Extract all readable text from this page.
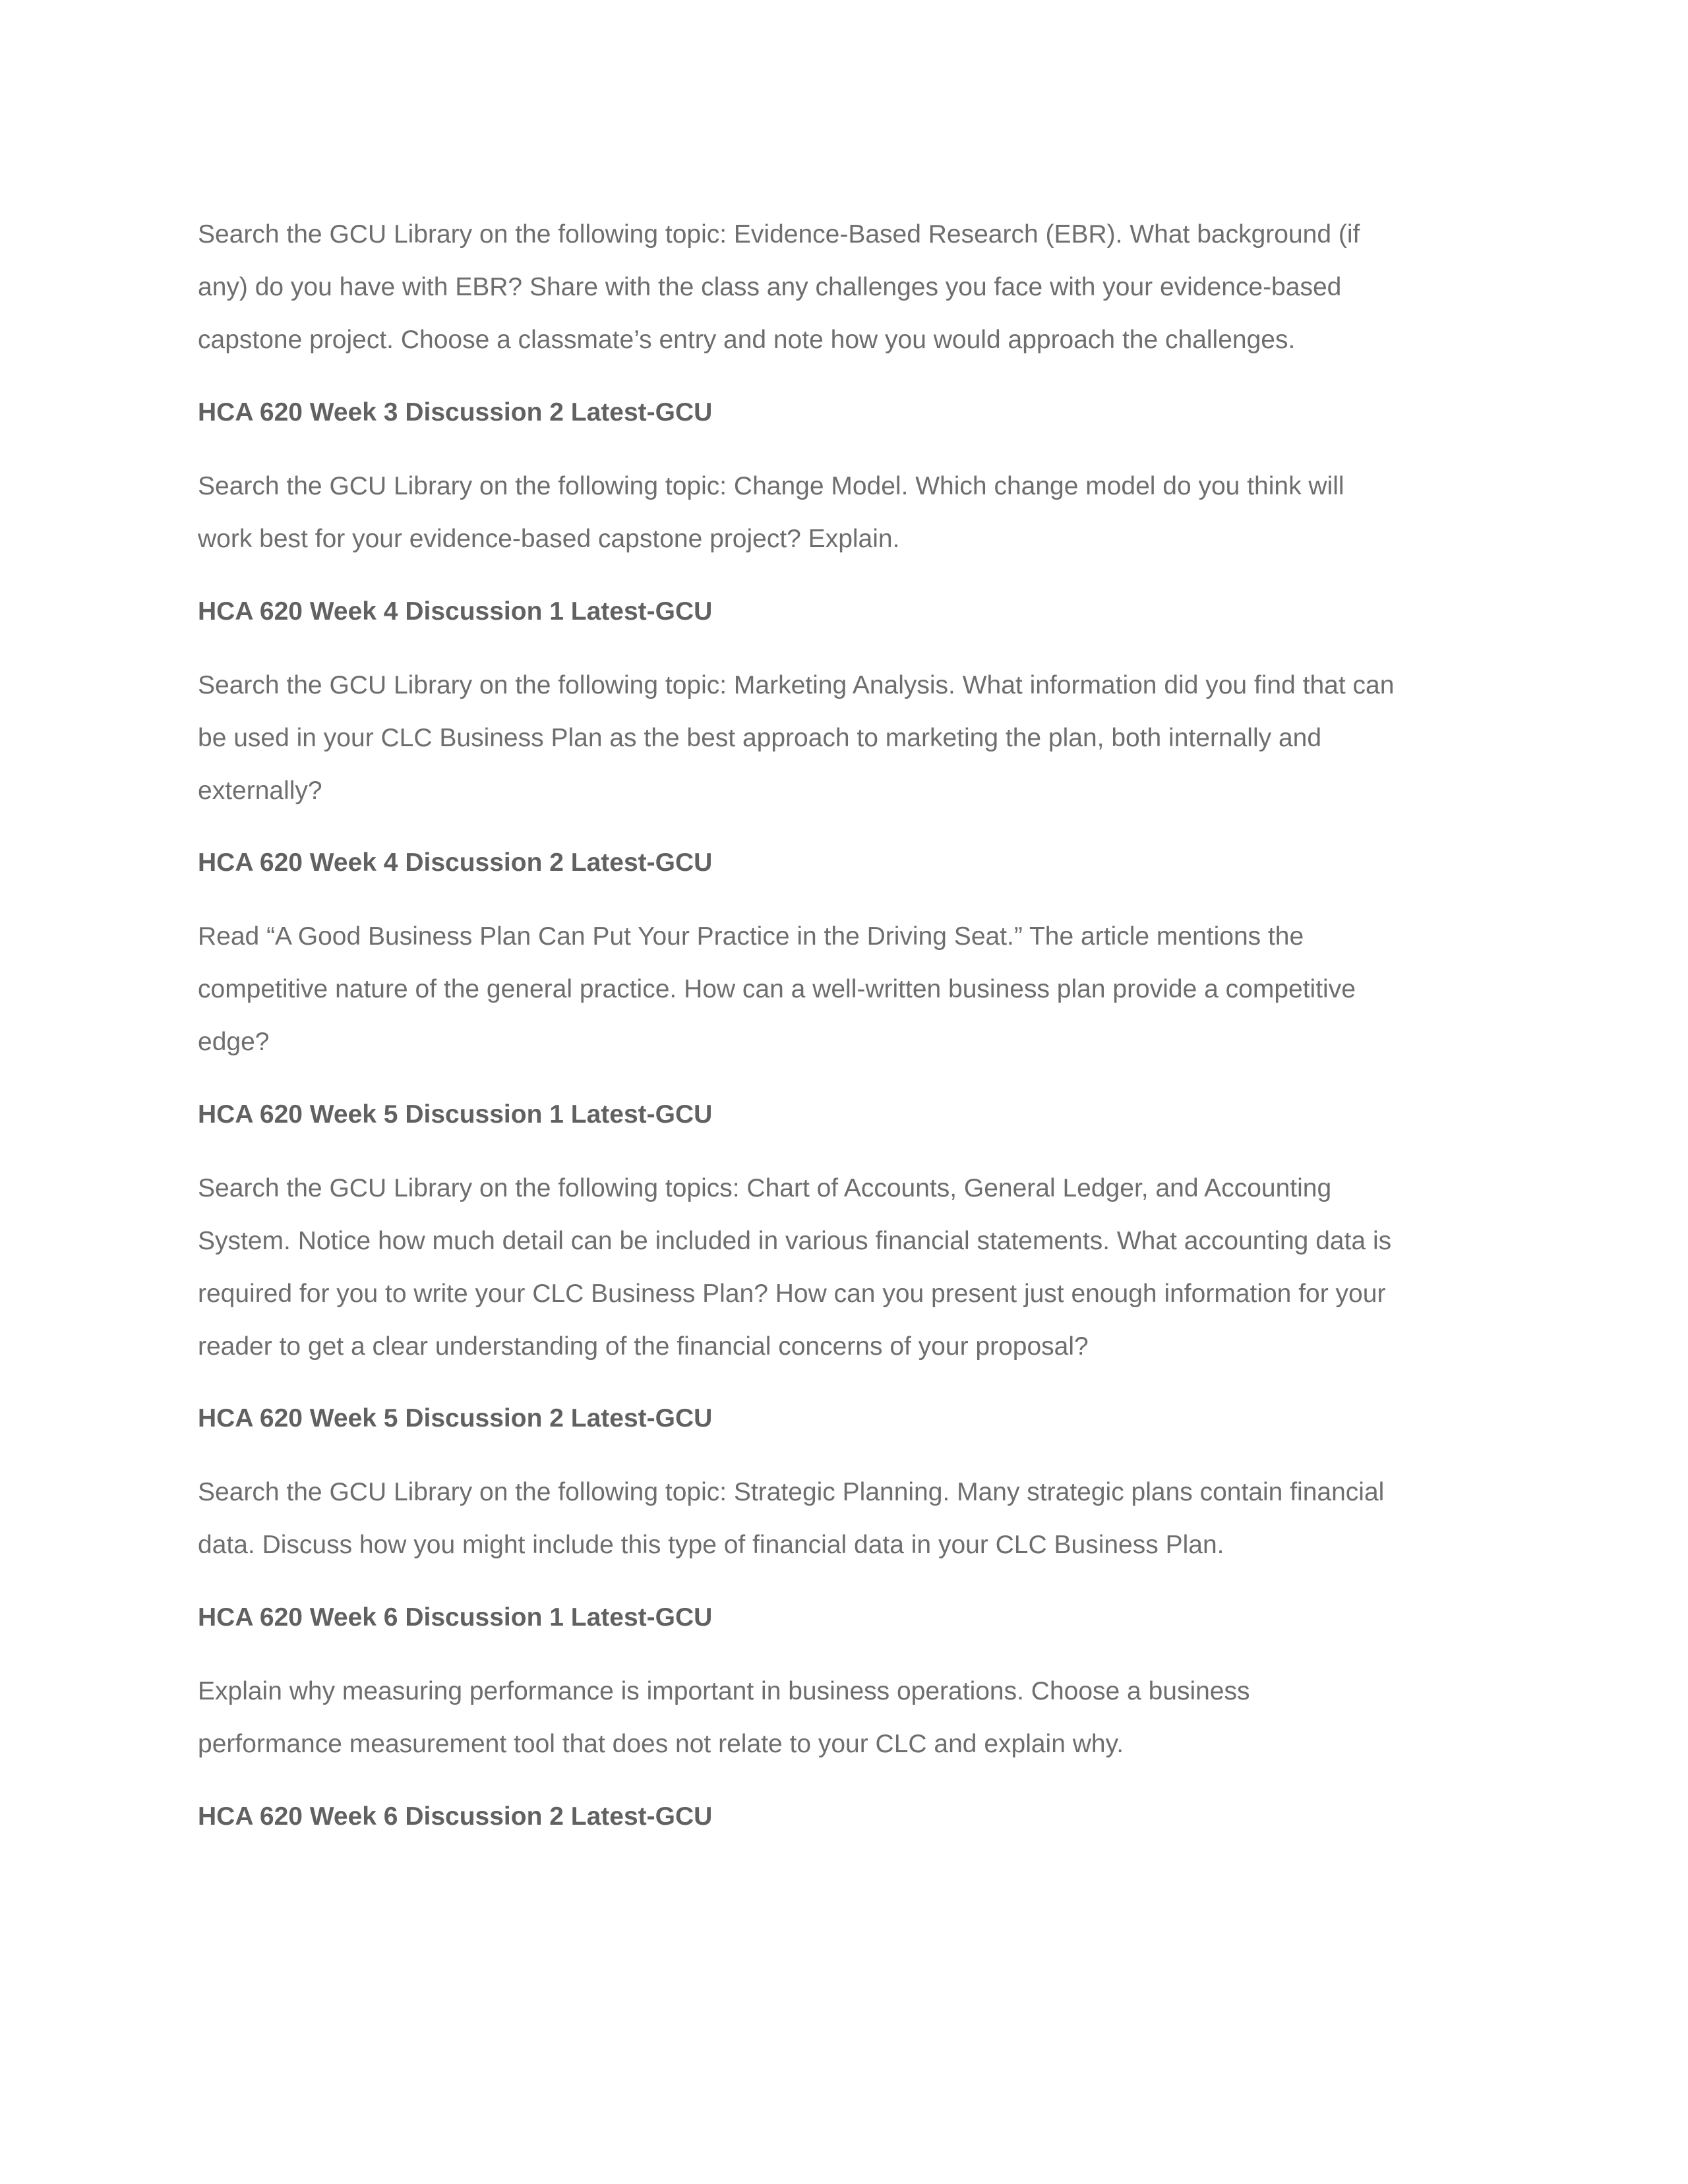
Search the GCU Library on the following topic: Evidence-Based Research (EBR). What background (if
any) do you have with EBR? Share with the class any challenges you face with your evidence-based
capstone project. Choose a classmate’s entry and note how you would approach the challenges.

HCA 620 Week 3 Discussion 2 Latest-GCU

Search the GCU Library on the following topic: Change Model. Which change model do you think will
work best for your evidence-based capstone project? Explain.

HCA 620 Week 4 Discussion 1 Latest-GCU

Search the GCU Library on the following topic: Marketing Analysis. What information did you find that can
be used in your CLC Business Plan as the best approach to marketing the plan, both internally and
externally?

HCA 620 Week 4 Discussion 2 Latest-GCU

Read “A Good Business Plan Can Put Your Practice in the Driving Seat.” The article mentions the
competitive nature of the general practice. How can a well-written business plan provide a competitive
edge?

HCA 620 Week 5 Discussion 1 Latest-GCU

Search the GCU Library on the following topics: Chart of Accounts, General Ledger, and Accounting
System. Notice how much detail can be included in various financial statements. What accounting data is
required for you to write your CLC Business Plan? How can you present just enough information for your
reader to get a clear understanding of the financial concerns of your proposal?

HCA 620 Week 5 Discussion 2 Latest-GCU

Search the GCU Library on the following topic: Strategic Planning. Many strategic plans contain financial
data. Discuss how you might include this type of financial data in your CLC Business Plan.

HCA 620 Week 6 Discussion 1 Latest-GCU

Explain why measuring performance is important in business operations. Choose a business
performance measurement tool that does not relate to your CLC and explain why.

HCA 620 Week 6 Discussion 2 Latest-GCU
